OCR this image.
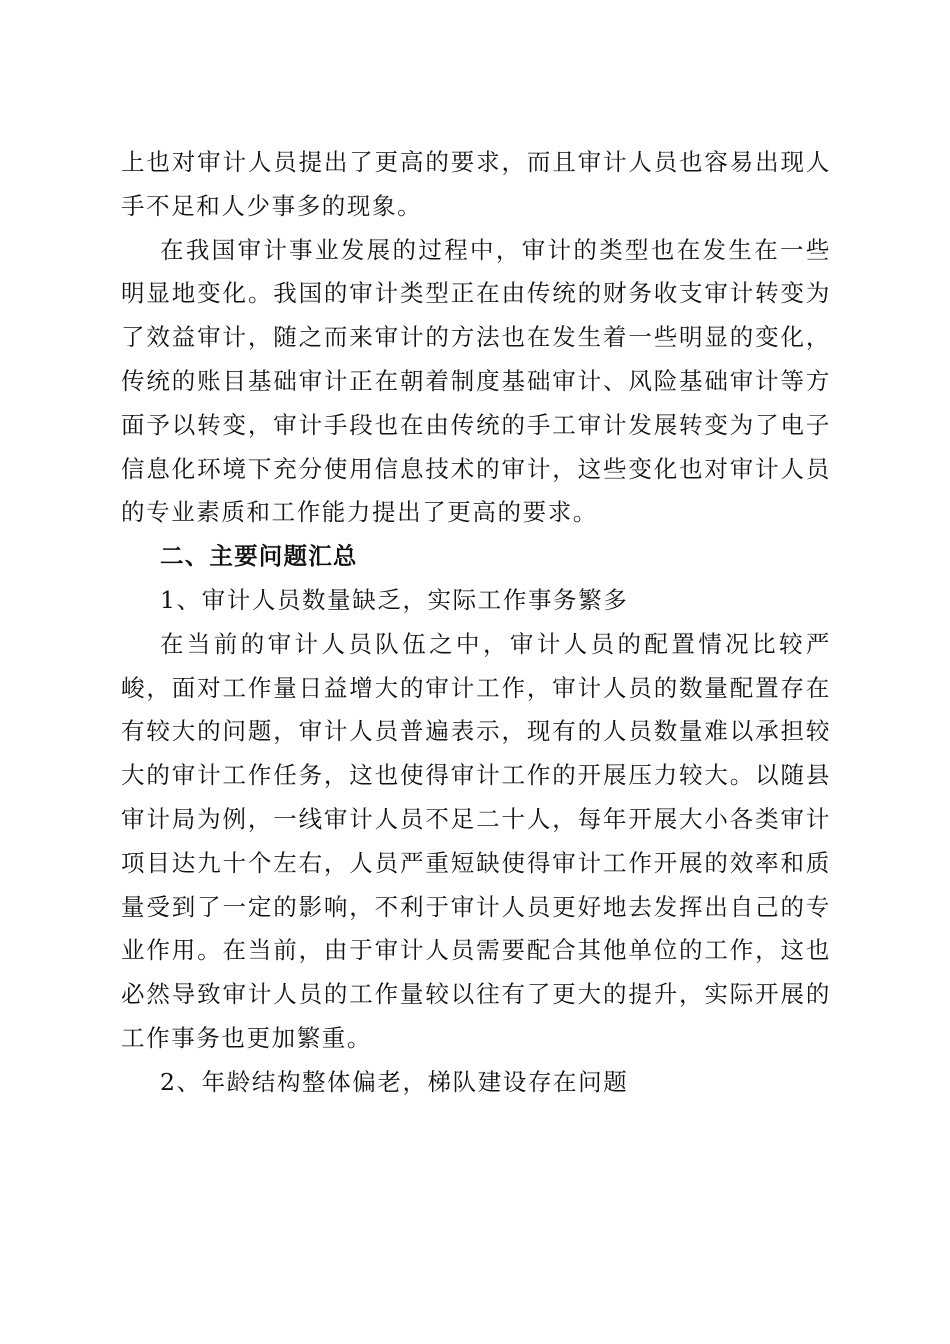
上也对审计人员提出了更高的要求，而且审计人员也容易出现人手不足和人少事多的现象。

在我国审计事业发展的过程中，审计的类型也在发生在一些明显地变化。我国的审计类型正在由传统的财务收支审计转变为了效益审计，随之而来审计的方法也在发生着一些明显的变化，传统的账目基础审计正在朝着制度基础审计、风险基础审计等方面予以转变，审计手段也在由传统的手工审计发展转变为了电子信息化环境下充分使用信息技术的审计，这些变化也对审计人员的专业素质和工作能力提出了更高的要求。

二、主要问题汇总

1、审计人员数量缺乏，实际工作事务繁多

在当前的审计人员队伍之中，审计人员的配置情况比较严峻，面对工作量日益增大的审计工作，审计人员的数量配置存在有较大的问题，审计人员普遍表示，现有的人员数量难以承担较大的审计工作任务，这也使得审计工作的开展压力较大。以随县审计局为例，一线审计人员不足二十人，每年开展大小各类审计项目达九十个左右，人员严重短缺使得审计工作开展的效率和质量受到了一定的影响，不利于审计人员更好地去发挥出自己的专业作用。在当前，由于审计人员需要配合其他单位的工作，这也必然导致审计人员的工作量较以往有了更大的提升，实际开展的工作事务也更加繁重。

2、年龄结构整体偏老，梯队建设存在问题
